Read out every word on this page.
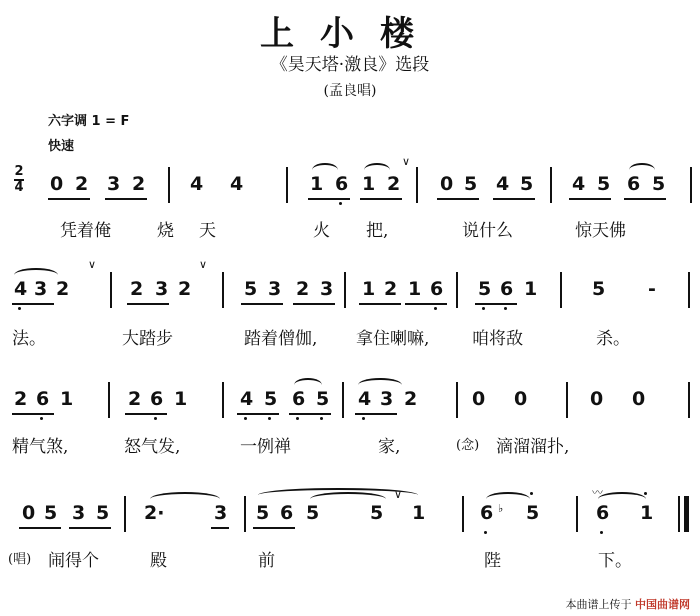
上小楼
《昊天塔·激良》选段
(孟良唱)
六字调 1 = F
快速
2
4 0 2 3 2 4 4	1 6 1 2
∨
0 5 4 5 4 5 6 5
凭着俺	烧 天	火 把,	说什么	惊天佛
4 3 2
∨
2 3 2
∨
5 3 2 3 1 2 1 6 5 6 1	5 -
法。	大踏步	踏着僧伽, 拿住喇嘛,	咱将敌	杀。
2 6 1	2 6 1	4 5 6 5 4 3 2	0 0	0 0
精气煞,	怒气发,	一例禅	家,	(念) 滴溜溜扑,
0 5 3 5 2·	3 5 6 5	5
∨
1	6 ♭ 5
〰
6 1
(唱) 闹得个	殿	前	陛	下。
本曲谱上传于 中国曲谱网
